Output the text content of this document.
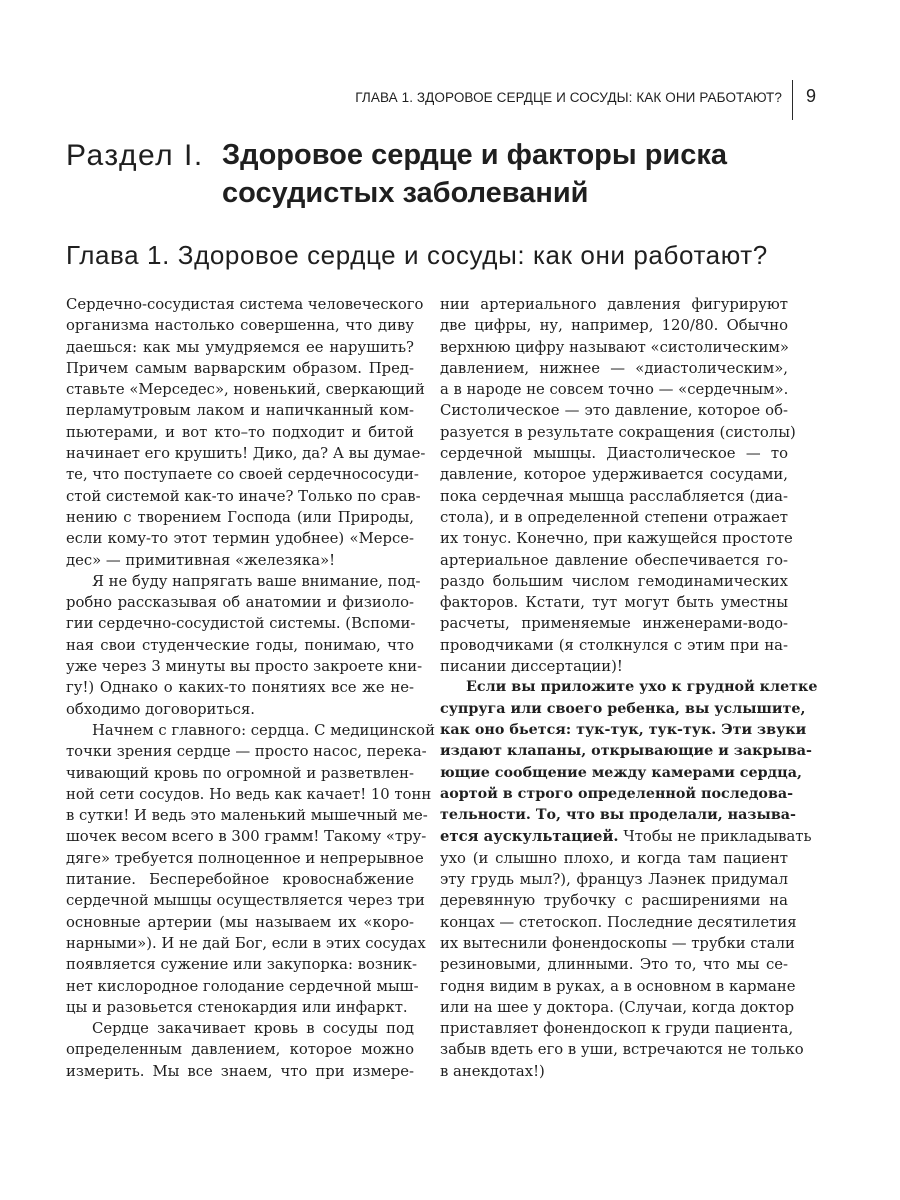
ГЛАВА 1. ЗДОРОВОЕ СЕРДЦЕ И СОСУДЫ: КАК ОНИ РАБОТАЮТ? 9
Раздел I. Здоровое сердце и факторы риска сосудистых заболеваний
Глава 1. Здоровое сердце и сосуды: как они работают?
Сердечно-сосудистая система человеческого
организма настолько совершенна, что диву
даешься: как мы умудряемся ее нарушить?
Причем самым варварским образом. Пред-
ставьте «Мерседес», новенький, сверкающий
перламутровым лаком и напичканный ком-
пьютерами, и вот кто–то подходит и битой
начинает его крушить! Дико, да? А вы думае-
те, что поступаете со своей сердечнососуди-
стой системой как-то иначе? Только по срав-
нению с творением Господа (или Природы,
если кому-то этот термин удобнее) «Мерсе-
дес» — примитивная «железяка»!
Я не буду напрягать ваше внимание, под-
робно рассказывая об анатомии и физиоло-
гии сердечно-сосудистой системы. (Вспоми-
ная свои студенческие годы, понимаю, что
уже через 3 минуты вы просто закроете кни-
гу!) Однако о каких-то понятиях все же не-
обходимо договориться.
Начнем с главного: сердца. С медицинской
точки зрения сердце — просто насос, перека-
чивающий кровь по огромной и разветвлен-
ной сети сосудов. Но ведь как качает! 10 тонн
в сутки! И ведь это маленький мышечный ме-
шочек весом всего в 300 грамм! Такому «тру-
дяге» требуется полноценное и непрерывное
питание. Бесперебойное кровоснабжение
сердечной мышцы осуществляется через три
основные артерии (мы называем их «коро-
нарными»). И не дай Бог, если в этих сосудах
появляется сужение или закупорка: возник-
нет кислородное голодание сердечной мыш-
цы и разовьется стенокардия или инфаркт.
Сердце закачивает кровь в сосуды под
определенным давлением, которое можно
измерить. Мы все знаем, что при измере-
нии артериального давления фигурируют
две цифры, ну, например, 120/80. Обычно
верхнюю цифру называют «систолическим»
давлением, нижнее — «диастолическим»,
а в народе не совсем точно — «сердечным».
Систолическое — это давление, которое об-
разуется в результате сокращения (систолы)
сердечной мышцы. Диастолическое — то
давление, которое удерживается сосудами,
пока сердечная мышца расслабляется (диа-
стола), и в определенной степени отражает
их тонус. Конечно, при кажущейся простоте
артериальное давление обеспечивается го-
раздо большим числом гемодинамических
факторов. Кстати, тут могут быть уместны
расчеты, применяемые инженерами-водо-
проводчиками (я столкнулся с этим при на-
писании диссертации)!
Если вы приложите ухо к грудной клетке
супруга или своего ребенка, вы услышите,
как оно бьется: тук-тук, тук-тук. Эти звуки
издают клапаны, открывающие и закрыва-
ющие сообщение между камерами сердца,
аортой в строго определенной последова-
тельности. То, что вы проделали, называ-
ется аускультацией. Чтобы не прикладывать
ухо (и слышно плохо, и когда там пациент
эту грудь мыл?), француз Лаэнек придумал
деревянную трубочку с расширениями на
концах — стетоскоп. Последние десятилетия
их вытеснили фонендоскопы — трубки стали
резиновыми, длинными. Это то, что мы се-
годня видим в руках, а в основном в кармане
или на шее у доктора. (Случаи, когда доктор
приставляет фонендоскоп к груди пациента,
забыв вдеть его в уши, встречаются не только
в анекдотах!)
